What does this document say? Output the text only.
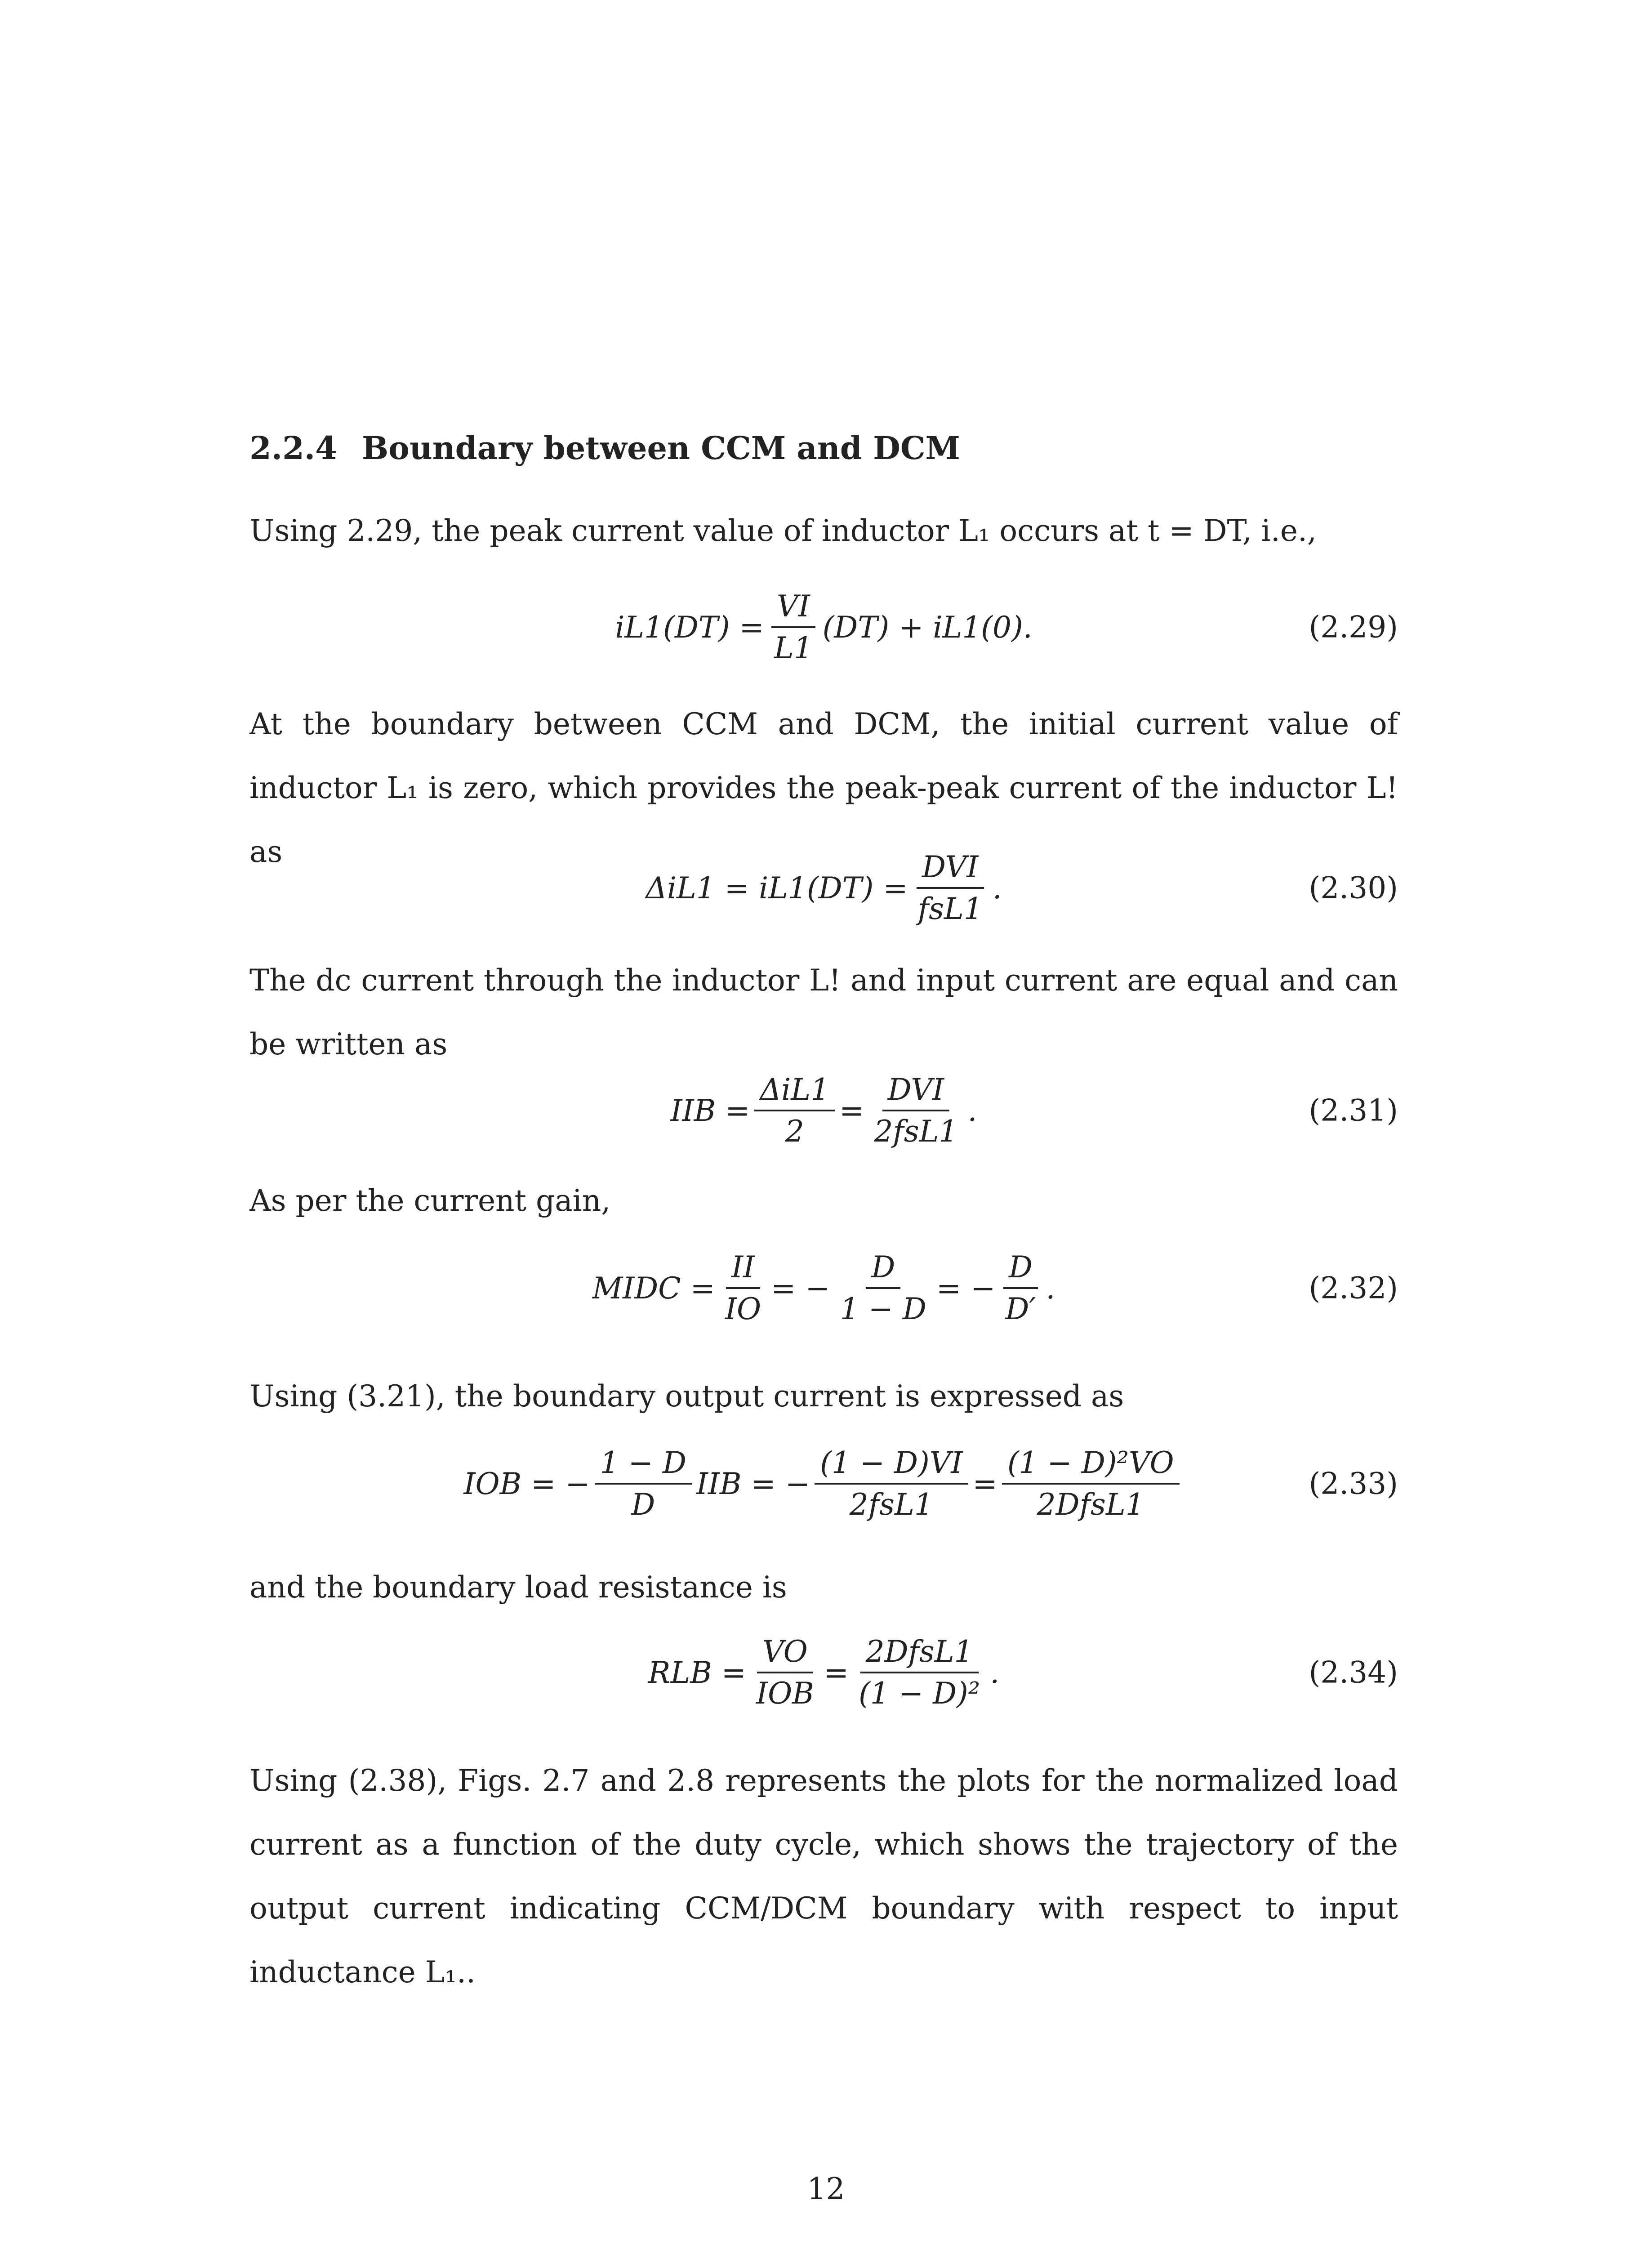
2.2.4 Boundary between CCM and DCM

Using 2.29, the peak current value of inductor L₁ occurs at t = DT, i.e.,

$iL1(DT) = \frac{VI}{L1} (DT) + iL1(0)$.	(2.29)

At the boundary between CCM and DCM, the initial current value of inductor L₁ is zero, which provides the peak-peak current of the inductor L! as

$\Delta iL1 = iL1(DT) = \frac{\text{DVI}}{\text{fsL1}}$ .	(2.30)

The dc current through the inductor L! and input current are equal and can be written as

IIB = $\frac{\text{ΔiL1}}{2} = \frac{\text{DVI}}{\text{2fsL1}}$ .	(2.31)

As per the current gain,

MIDC = $\frac{II}{IO}$ = − $\frac{D}{1 - D}$ = − $\frac{D}{D'}$ .	(2.32)

Using (3.21), the boundary output current is expressed as

IOB = − $\frac{1 - D}{D}$ IIB = − $\frac{(1 - D)VI}{\text{2fsL1}} = \frac{\text{(1 − D)²VO}}{\text{2DfsL1}}$	(2.33)

and the boundary load resistance is

RLB = $\frac{VO}{\text{IOB}} = \frac{\text{2DfsL1}}{\text{(1 − D)²}}$ .	(2.34)

Using (2.38), Figs. 2.7 and 2.8 represents the plots for the normalized load current as a function of the duty cycle, which shows the trajectory of the output current indicating CCM/DCM boundary with respect to input inductance L₁..

12
